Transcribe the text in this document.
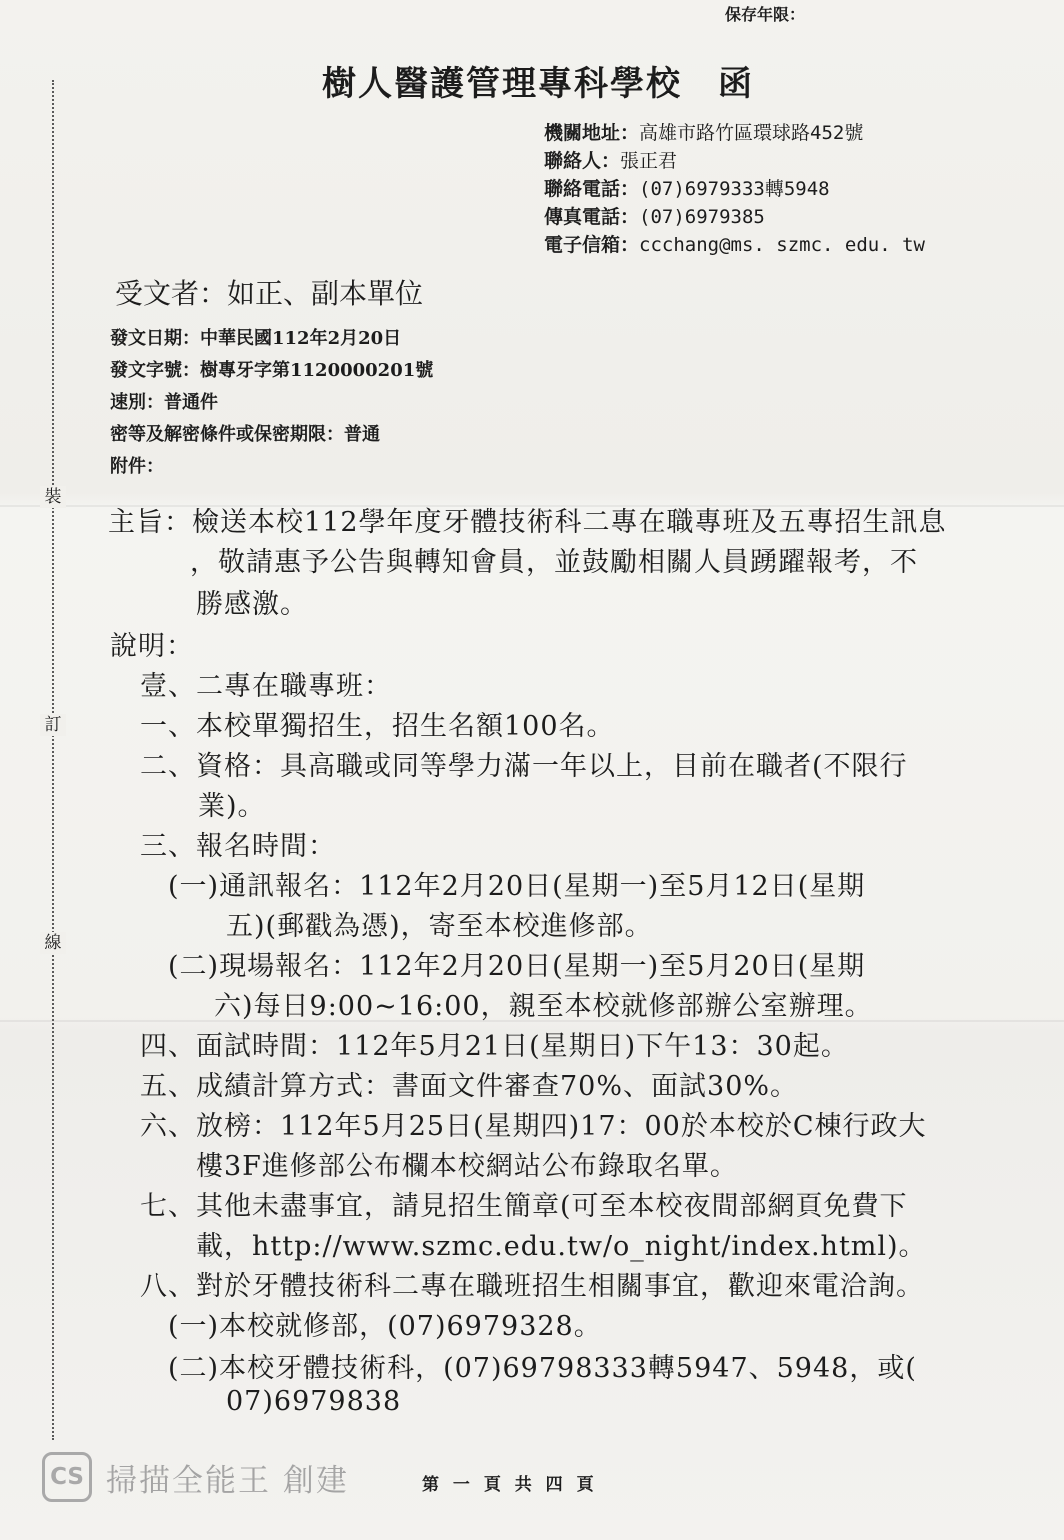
裝
訂
線
保存年限：
樹人醫護管理專科學校 函
機關地址：高雄市路竹區環球路452號
聯絡人：張正君
聯絡電話：(07)6979333轉5948
傳真電話：(07)6979385
電子信箱：ccchang@ms. szmc. edu. tw
受文者：如正、副本單位
發文日期：中華民國112年2月20日
發文字號：樹專牙字第1120000201號
速別：普通件
密等及解密條件或保密期限：普通
附件：
主旨：檢送本校112學年度牙體技術科二專在職專班及五專招生訊息
，敬請惠予公告與轉知會員，並鼓勵相關人員踴躍報考，不
勝感激。
說明：
壹、二專在職專班：
一、本校單獨招生，招生名額100名。
二、資格：具高職或同等學力滿一年以上，目前在職者(不限行
業)。
三、報名時間：
(一)通訊報名：112年2月20日(星期一)至5月12日(星期
五)(郵戳為憑)，寄至本校進修部。
(二)現場報名：112年2月20日(星期一)至5月20日(星期
六)每日9:00~16:00，親至本校就修部辦公室辦理。
四、面試時間：112年5月21日(星期日)下午13：30起。
五、成績計算方式：書面文件審查70%、面試30%。
六、放榜：112年5月25日(星期四)17：00於本校於C棟行政大
樓3F進修部公布欄本校網站公布錄取名單。
七、其他未盡事宜，請見招生簡章(可至本校夜間部網頁免費下
載，http://www.szmc.edu.tw/o_night/index.html)。
八、對於牙體技術科二專在職班招生相關事宜，歡迎來電洽詢。
(一)本校就修部，(07)6979328。
(二)本校牙體技術科，(07)69798333轉5947、5948，或(
07)6979838
CS 掃描全能王 創建	第 一 頁 共 四 頁
